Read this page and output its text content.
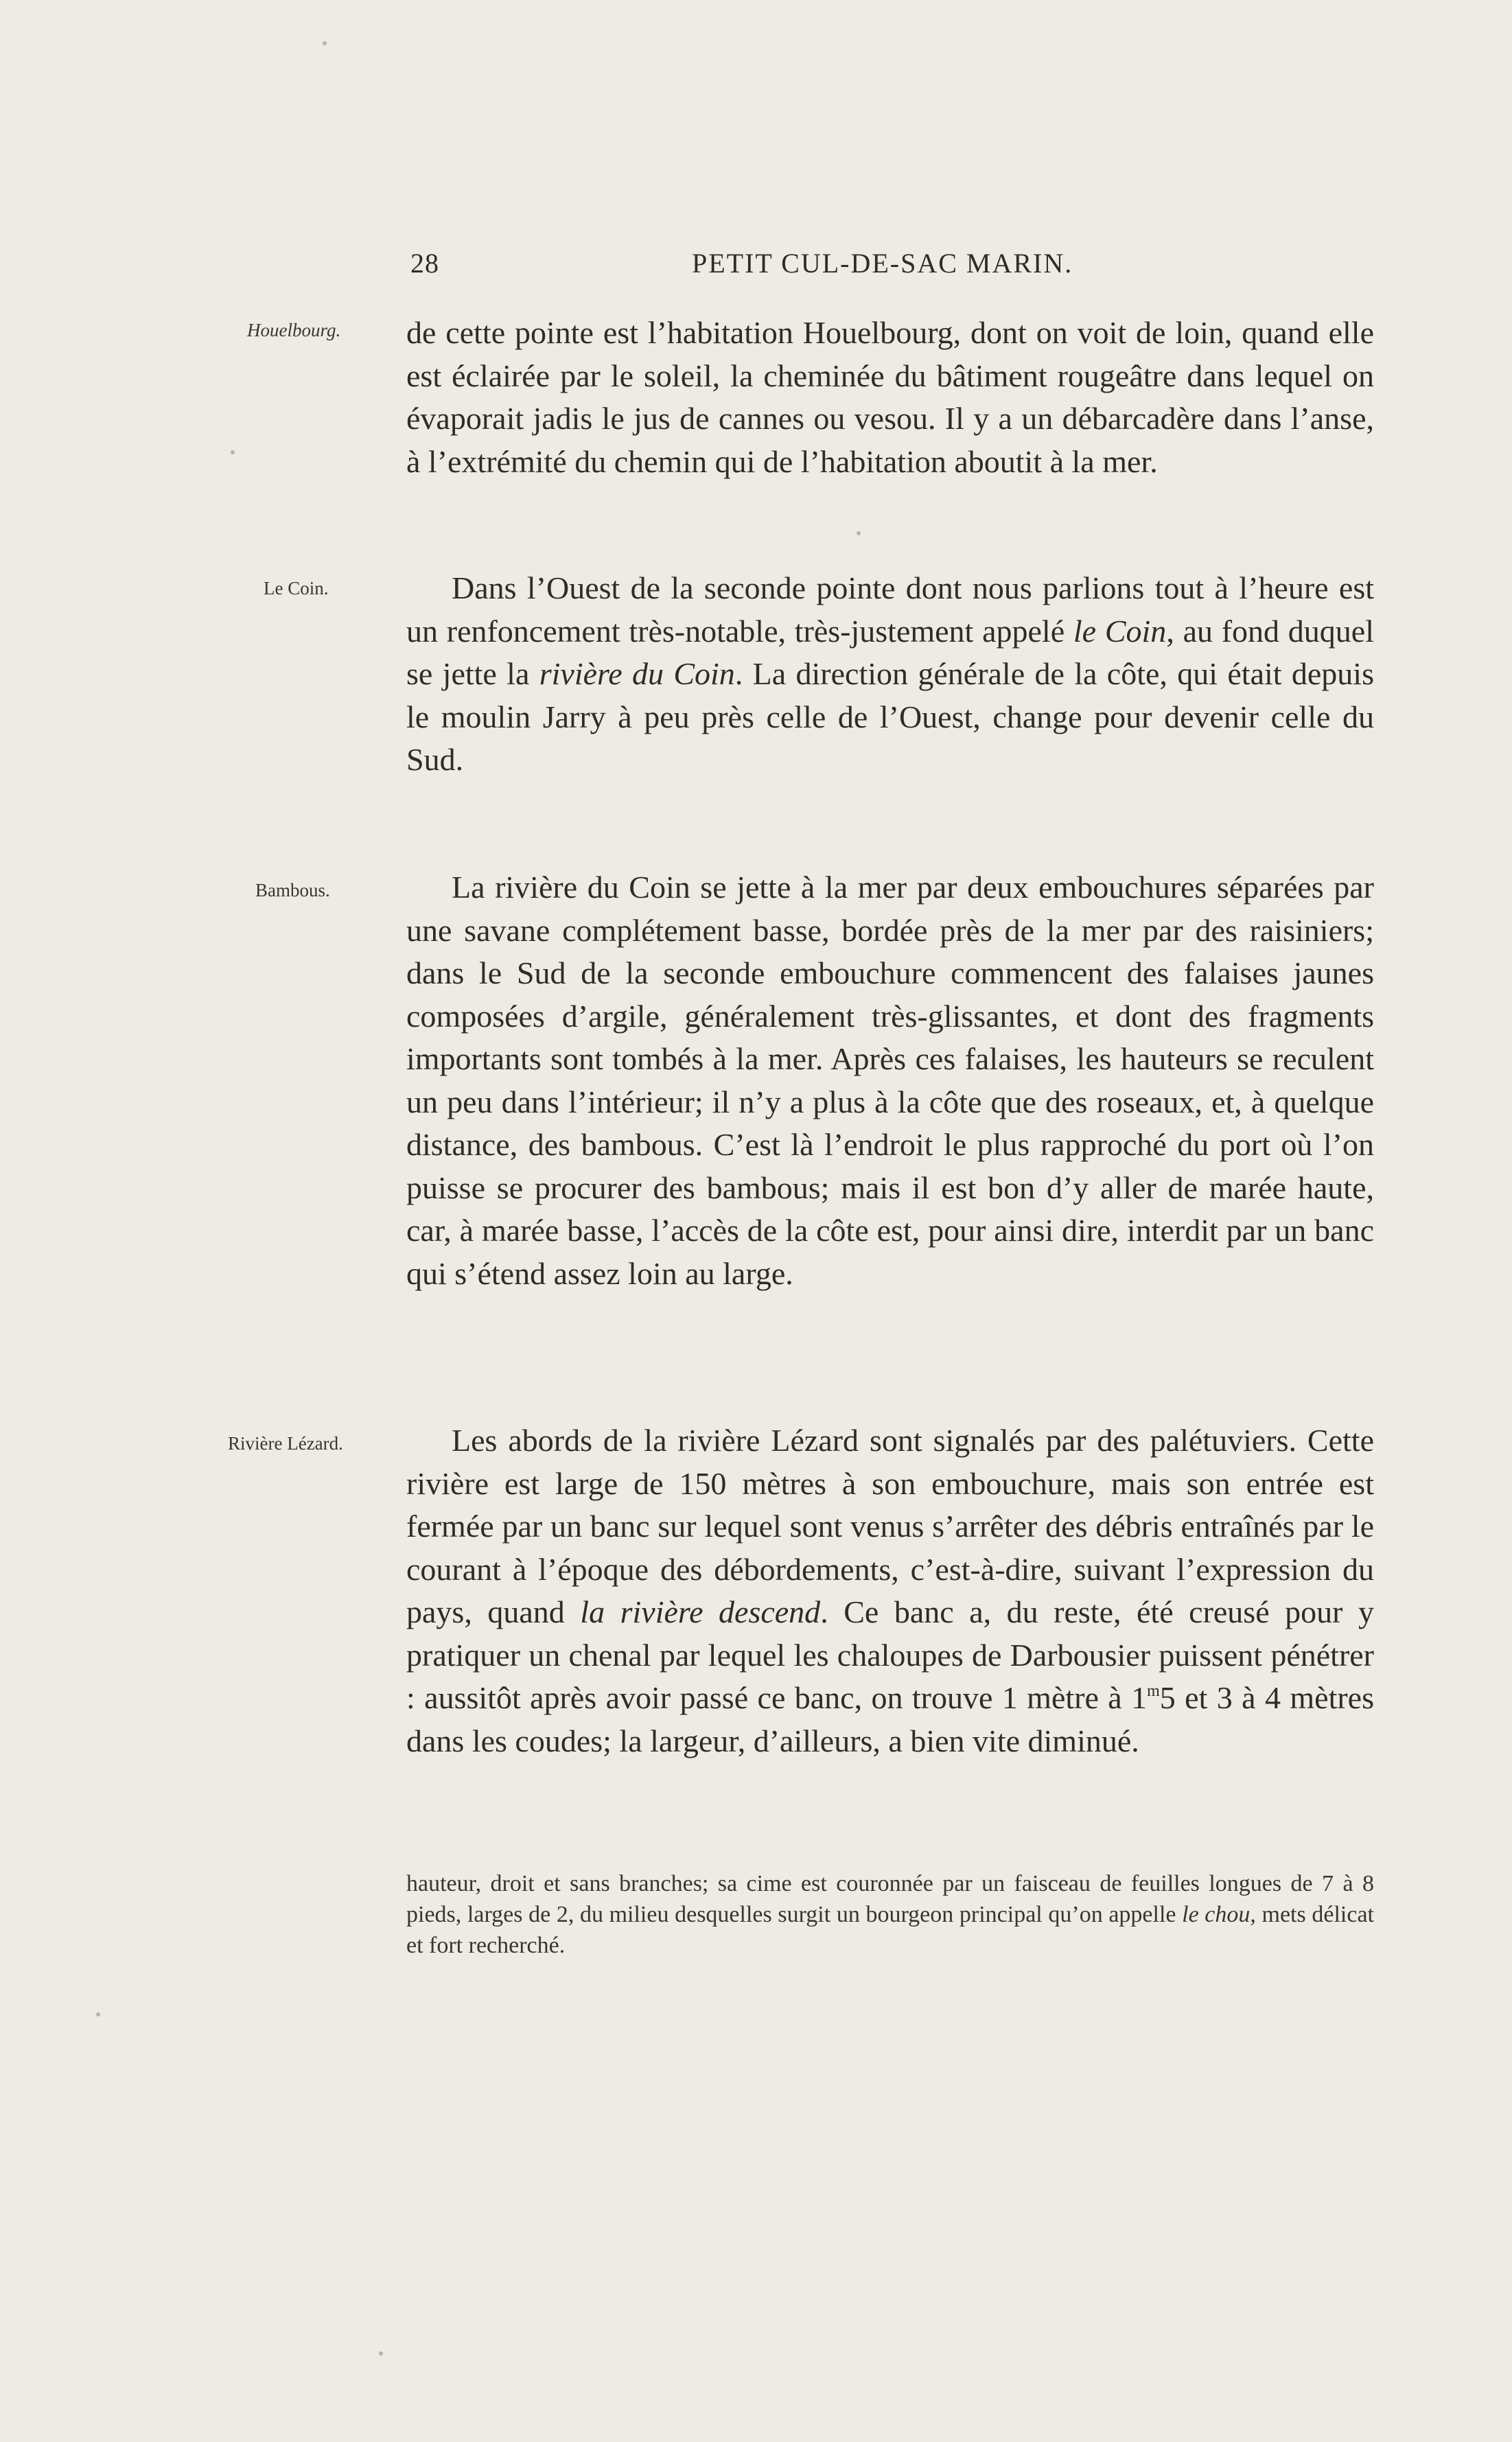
28	PETIT CUL-DE-SAC MARIN.
Houelbourg.
Le Coin.
Bambous.
Rivière Lézard.

de cette pointe est l’habitation Houelbourg, dont on voit de loin, quand elle est éclairée par le soleil, la cheminée du bâtiment rougeâtre dans lequel on évaporait jadis le jus de cannes ou vesou. Il y a un débarcadère dans l’anse, à l’extrémité du chemin qui de l’habitation aboutit à la mer.

Dans l’Ouest de la seconde pointe dont nous parlions tout à l’heure est un renfoncement très-notable, très-justement appelé le Coin, au fond duquel se jette la rivière du Coin. La direction générale de la côte, qui était depuis le moulin Jarry à peu près celle de l’Ouest, change pour devenir celle du Sud.

La rivière du Coin se jette à la mer par deux embouchures séparées par une savane complétement basse, bordée près de la mer par des raisiniers; dans le Sud de la seconde embouchure commencent des falaises jaunes composées d’argile, généralement très-glissantes, et dont des fragments importants sont tombés à la mer. Après ces falaises, les hauteurs se reculent un peu dans l’intérieur; il n’y a plus à la côte que des roseaux, et, à quelque distance, des bambous. C’est là l’endroit le plus rapproché du port où l’on puisse se procurer des bambous; mais il est bon d’y aller de marée haute, car, à marée basse, l’accès de la côte est, pour ainsi dire, interdit par un banc qui s’étend assez loin au large.

Les abords de la rivière Lézard sont signalés par des palétuviers. Cette rivière est large de 150 mètres à son embouchure, mais son entrée est fermée par un banc sur lequel sont venus s’arrêter des débris entraînés par le courant à l’époque des débordements, c’est-à-dire, suivant l’expression du pays, quand la rivière descend. Ce banc a, du reste, été creusé pour y pratiquer un chenal par lequel les chaloupes de Darbousier puissent pénétrer : aussitôt après avoir passé ce banc, on trouve 1 mètre à 1$^m$5 et 3 à 4 mètres dans les coudes; la largeur, d’ailleurs, a bien vite diminué.

hauteur, droit et sans branches; sa cime est couronnée par un faisceau de feuilles longues de 7 à 8 pieds, larges de 2, du milieu desquelles surgit un bourgeon principal qu’on appelle le chou, mets délicat et fort recherché.
